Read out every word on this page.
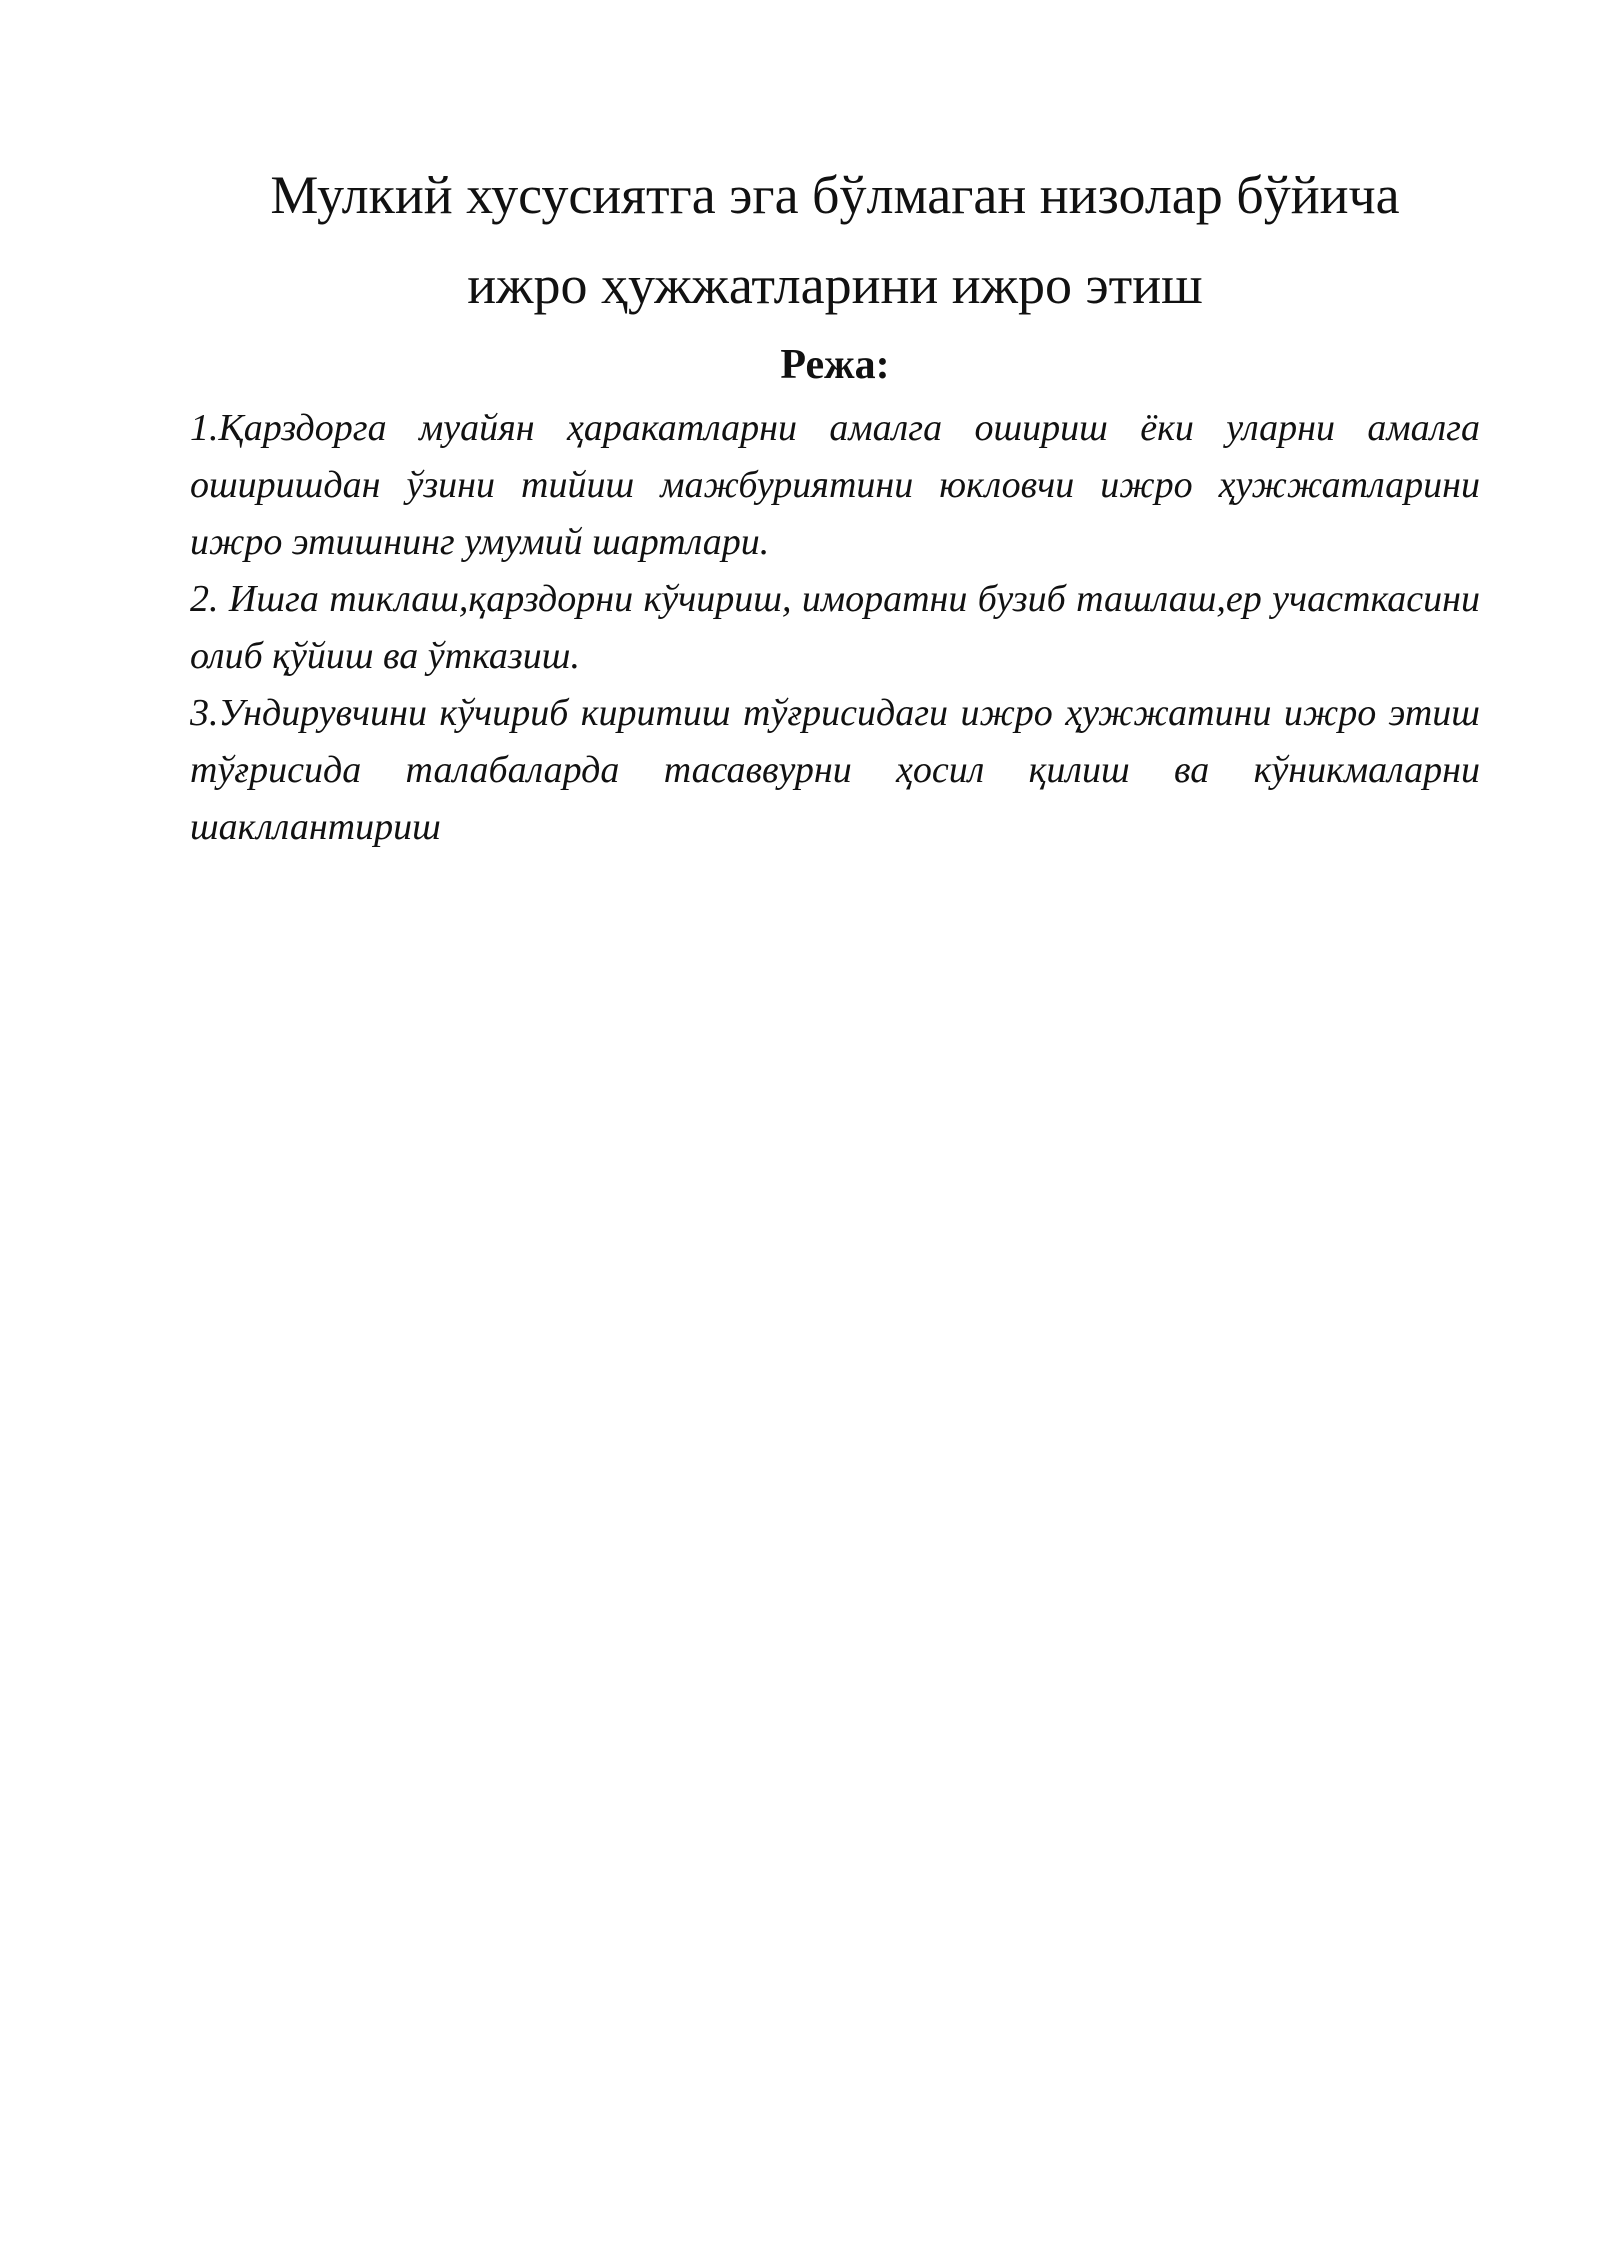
Мулкий хусусиятга эга бўлмаган низолар бўйича
ижро ҳужжатларини ижро этиш
Режа:

1.Қарздорга муайян ҳаракатларни амалга ошириш ёки уларни амалга оширишдан ўзини тийиш мажбуриятини юкловчи ижро ҳужжатларини ижро этишнинг умумий шартлари.

2. Ишга тиклаш,қарздорни кўчириш, иморатни бузиб ташлаш,ер участкасини олиб қўйиш ва ўтказиш.

3.Ундирувчини кўчириб киритиш тўғрисидаги ижро ҳужжатини ижро этиш тўғрисида талабаларда тасаввурни ҳосил қилиш ва кўникмаларни шакллантириш
